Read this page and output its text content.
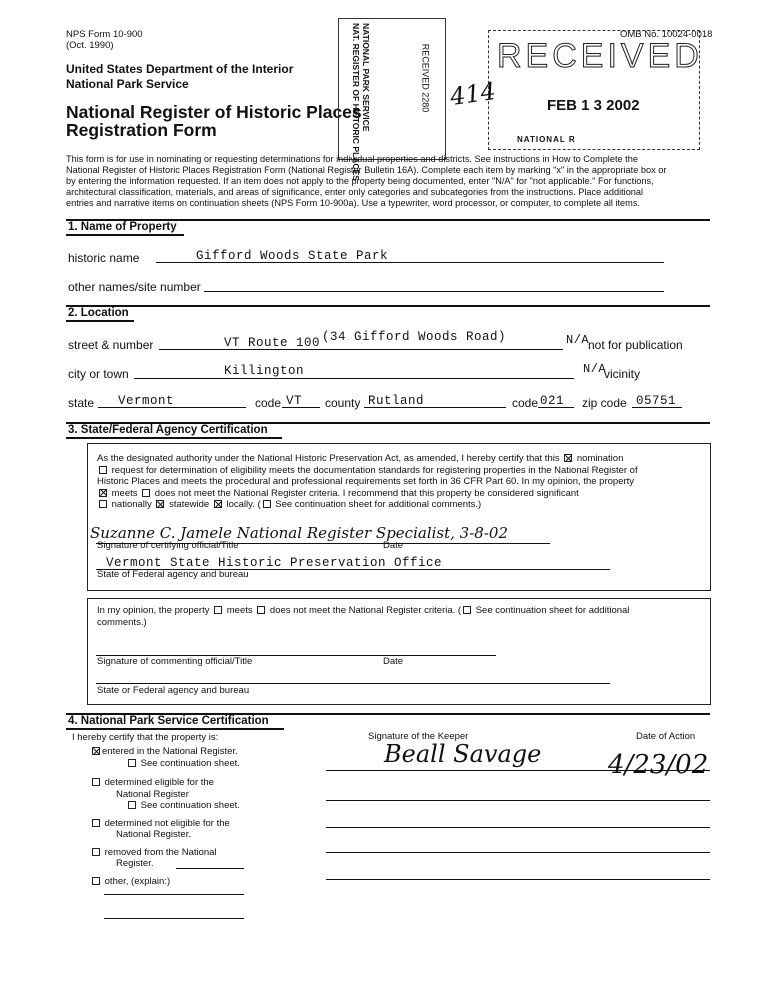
NPS Form 10-900
(Oct. 1990)
OMB No. 10024-0018
United States Department of the Interior
National Park Service
National Register of Historic Places
Registration Form	NAT. REGISTER OF HISTORIC PLACES NATIONAL PARK SERVICE	RECEIVED 2280 414
RECEIVED
FEB 1 3 2002
NATIONAL R
This form is for use in nominating or requesting determinations for individual properties and districts. See instructions in How to Complete the
National Register of Historic Places Registration Form (National Register Bulletin 16A). Complete each item by marking "x" in the appropriate box or
by entering the information requested. If an item does not apply to the property being documented, enter "N/A" for "not applicable." For functions,
architectural classification, materials, and areas of significance, enter only categories and subcategories from the instructions. Place additional
entries and narrative items on continuation sheets (NPS Form 10-900a). Use a typewriter, word processor, or computer, to complete all items.
1. Name of Property
historic name	Gifford Woods State Park
other names/site number
2. Location
street & number	VT Route 100 (34 Gifford Woods Road)	N/A
not for publication
city or town	Killington	N/A
vicinity
state Vermont	code VT county Rutland	code 021 zip code 05751
3. State/Federal Agency Certification
As the designated authority under the National Historic Preservation Act, as amended, I hereby certify that this nomination
request for determination of eligibility meets the documentation standards for registering properties in the National Register of
Historic Places and meets the procedural and professional requirements set forth in 36 CFR Part 60. In my opinion, the property
meets does not meet the National Register criteria. I recommend that this property be considered significant
nationally statewide locally. ( See continuation sheet for additional comments.)
Suzanne C. Jamele National Register Specialist, 3-8-02
Signature of certifying official/Title	Date
Vermont State Historic Preservation Office
State of Federal agency and bureau
In my opinion, the property meets does not meet the National Register criteria. ( See continuation sheet for additional
comments.)
Signature of commenting official/Title	Date
State or Federal agency and bureau
4. National Park Service Certification
I hereby certify that the property is:
entered in the National Register.
See continuation sheet.
determined eligible for the
National Register
See continuation sheet.
determined not eligible for the
National Register.
removed from the National
Register.
other, (explain:)
Signature of the Keeper	Date of Action
Beall Savage	4/23/02
